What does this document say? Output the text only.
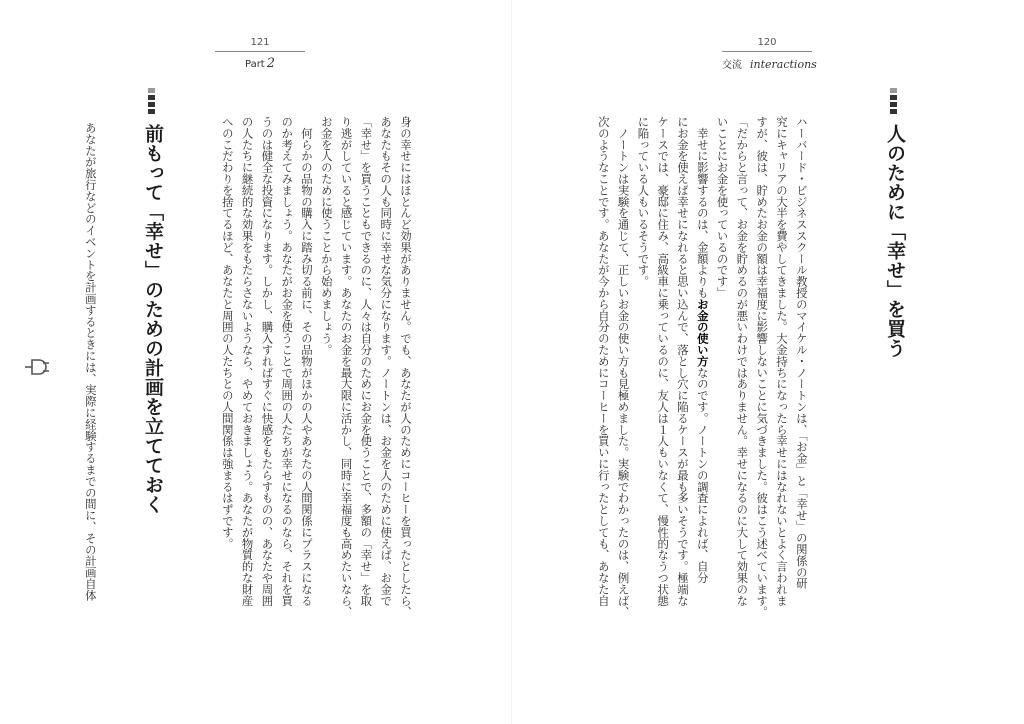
121
Part 2
前もって「幸せ」のための計画を立てておく	身の幸せにはほとんど効果がありません。でも、あなたが人のためにコーヒーを買ったとしたら、
あなたもその人も同時に幸せな気分になります。ノートンは、お金を人のために使えば、お金で
「幸せ」を買うこともできるのに、人々は自分のためにお金を使うことで、多額の「幸せ」を取
り逃がしていると感じています。あなたのお金を最大限に活かし、同時に幸福度も高めたいなら、
お金を人のために使うことから始めましょう。
　何らかの品物の購入に踏み切る前に、その品物がほかの人やあなたの人間関係にプラスになる
のか考えてみましょう。あなたがお金を使うことで周囲の人たちが幸せになるのなら、それを買
うのは健全な投資になります。しかし、購入すればすぐに快感をもたらすものの、あなたや周囲
の人たちに継続的な効果をもたらさないようなら、やめておきましょう。あなたが物質的な財産
へのこだわりを捨てるほど、あなたと周囲の人たちとの人間関係は強まるはずです。
あなたが旅行などのイベントを計画するときには、実際に経験するまでの間に、その計画自体
120
交流 interactions
人のために「幸せ」を買う
ハーバード・ビジネススクール教授のマイケル・ノートンは、「お金」と「幸せ」の関係の研
究にキャリアの大半を費やしてきました。大金持ちになったら幸せにはなれないとよく言われま
すが、彼は、貯めたお金の額は幸福度に影響しないことに気づきました。彼はこう述べています。
「だからと言って、お金を貯めるのが悪いわけではありません。幸せになるのに大して効果のな
いことにお金を使っているのです」
　幸せに影響するのは、金額よりもお金の使い方なのです。ノートンの調査によれば、自分
にお金を使えば幸せになれると思い込んで、落とし穴に陥るケースが最も多いそうです。極端な
ケースでは、豪邸に住み、高級車に乗っているのに、友人は１人もいなくて、慢性的なうつ状態
に陥っている人もいるそうです。
　ノートンは実験を通じて、正しいお金の使い方も見極めました。実験でわかったのは、例えば、
次のようなことです。あなたが今から自分のためにコーヒーを買いに行ったとしても、あなた自
